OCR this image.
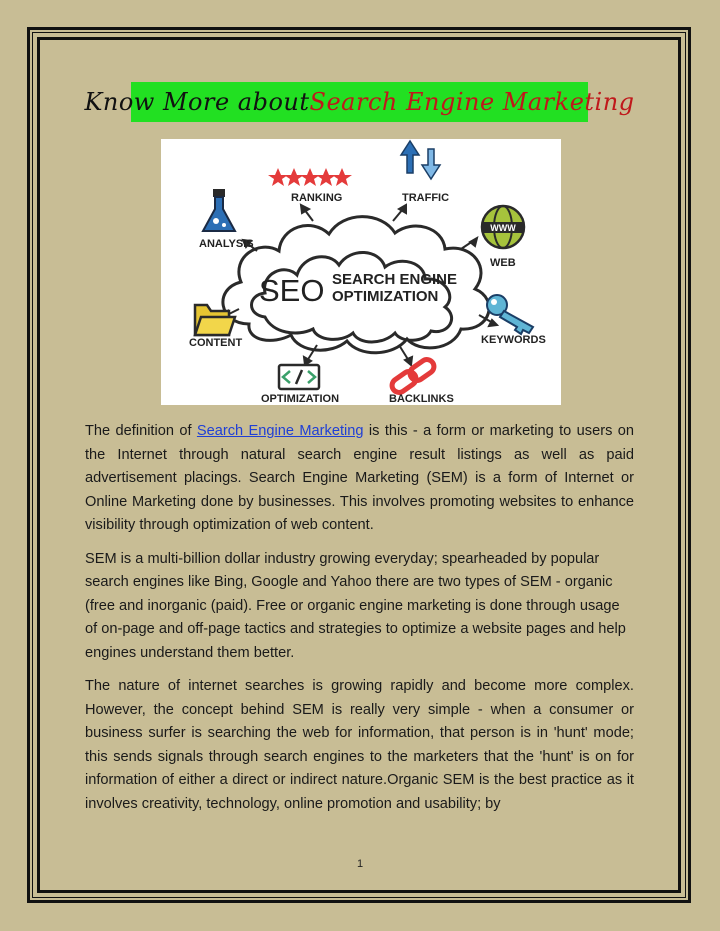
Know More about Search Engine Marketing
SEO SEARCH ENGINE
OPTIMIZATION
RANKING	TRAFFIC
ANALYSIS
WWW
WEB
CONTENT	KEYWORDS
OPTIMIZATION	BACKLINKS

The definition of Search Engine Marketing is this - a form or marketing to users on the Internet through natural search engine result listings as well as paid advertisement placings. Search Engine Marketing (SEM) is a form of Internet or Online Marketing done by businesses. This involves promoting websites to enhance visibility through optimization of web content.

SEM is a multi-billion dollar industry growing everyday; spearheaded by popular search engines like Bing, Google and Yahoo there are two types of SEM - organic (free and inorganic (paid). Free or organic engine marketing is done through usage of on-page and off-page tactics and strategies to optimize a website pages and help engines understand them better.

The nature of internet searches is growing rapidly and become more complex. However, the concept behind SEM is really very simple - when a consumer or business surfer is searching the web for information, that person is in 'hunt' mode; this sends signals through search engines to the marketers that the 'hunt' is on for information of either a direct or indirect nature.Organic SEM is the best practice as it involves creativity, technology, online promotion and usability; by

1
